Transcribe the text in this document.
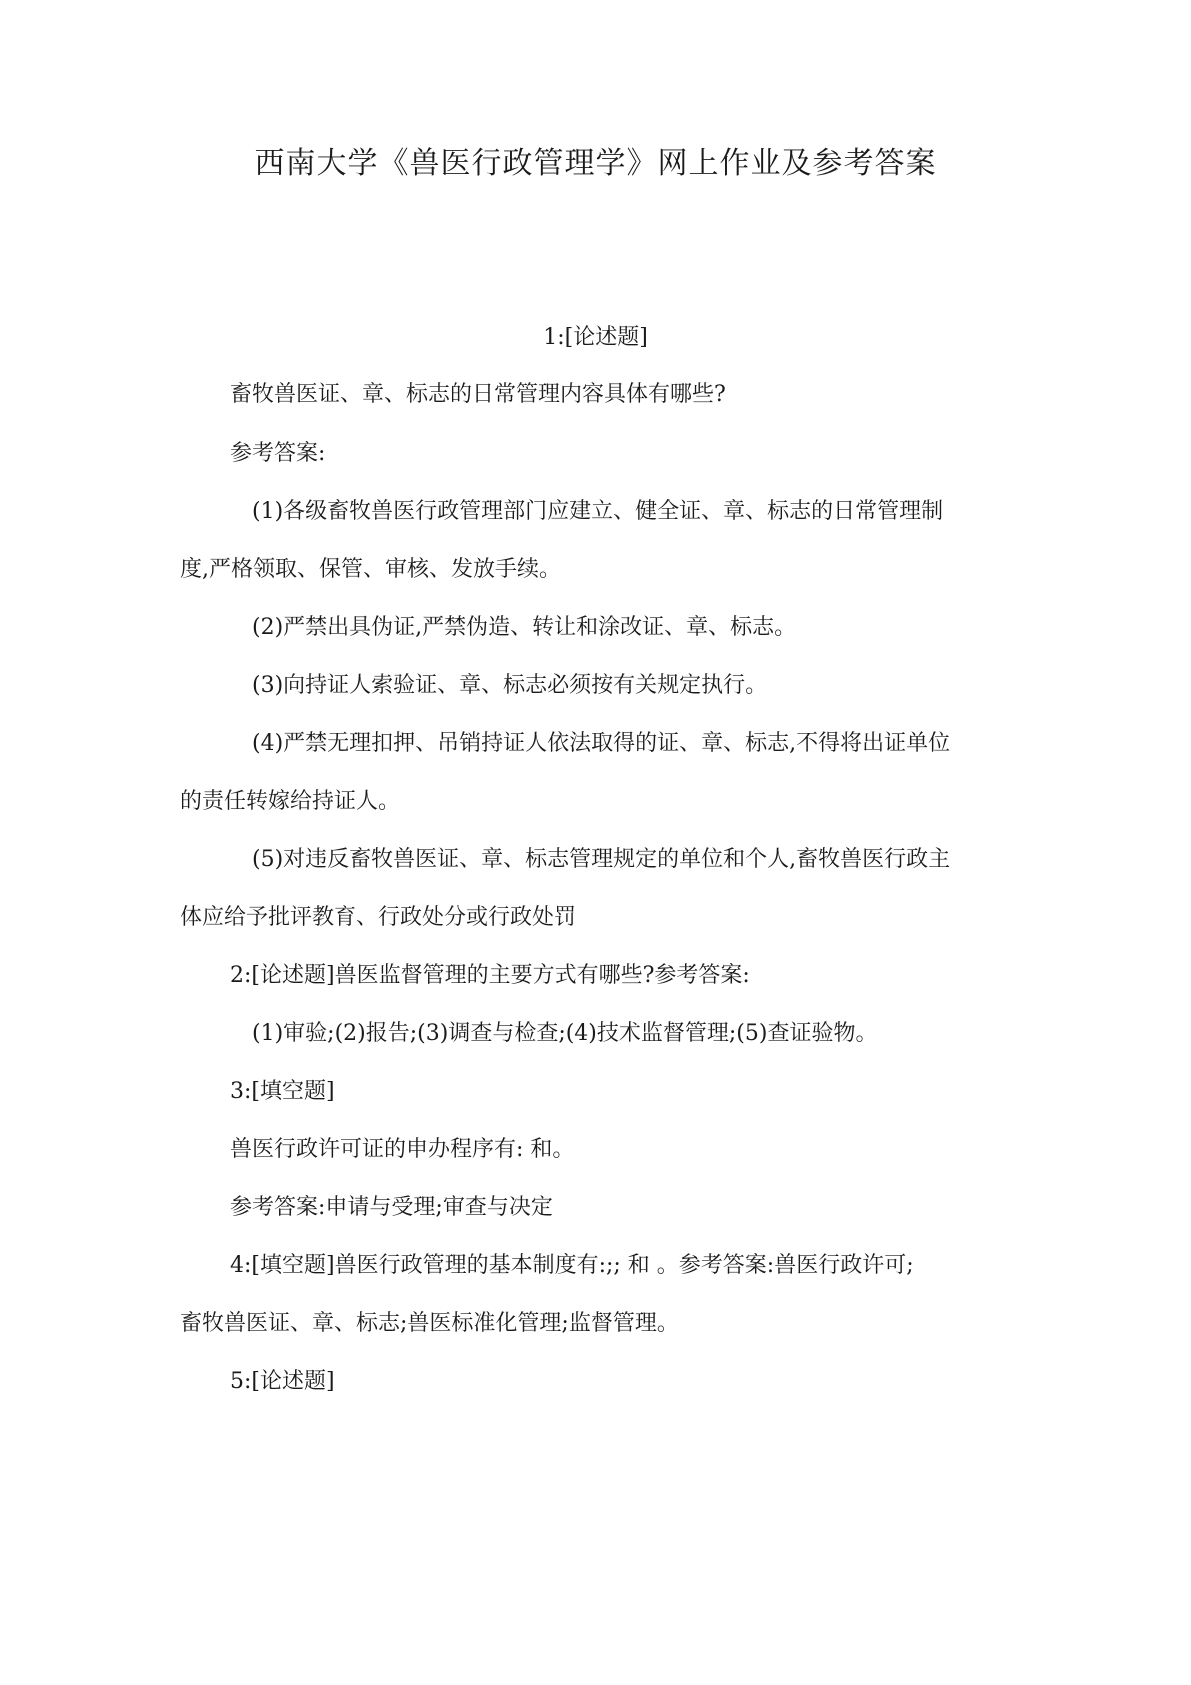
西南大学《兽医行政管理学》网上作业及参考答案
1:[论述题]
畜牧兽医证、章、标志的日常管理内容具体有哪些?
参考答案:
(1)各级畜牧兽医行政管理部门应建立、健全证、章、标志的日常管理制
度,严格领取、保管、审核、发放手续。
(2)严禁出具伪证,严禁伪造、转让和涂改证、章、标志。
(3)向持证人索验证、章、标志必须按有关规定执行。
(4)严禁无理扣押、吊销持证人依法取得的证、章、标志,不得将出证单位
的责任转嫁给持证人。
(5)对违反畜牧兽医证、章、标志管理规定的单位和个人,畜牧兽医行政主
体应给予批评教育、行政处分或行政处罚
2:[论述题]兽医监督管理的主要方式有哪些?参考答案:
(1)审验;(2)报告;(3)调查与检查;(4)技术监督管理;(5)查证验物。
3:[填空题]
兽医行政许可证的申办程序有: 和。
参考答案:申请与受理;审查与决定
4:[填空题]兽医行政管理的基本制度有:;; 和 。参考答案:兽医行政许可;
畜牧兽医证、章、标志;兽医标准化管理;监督管理。
5:[论述题]
